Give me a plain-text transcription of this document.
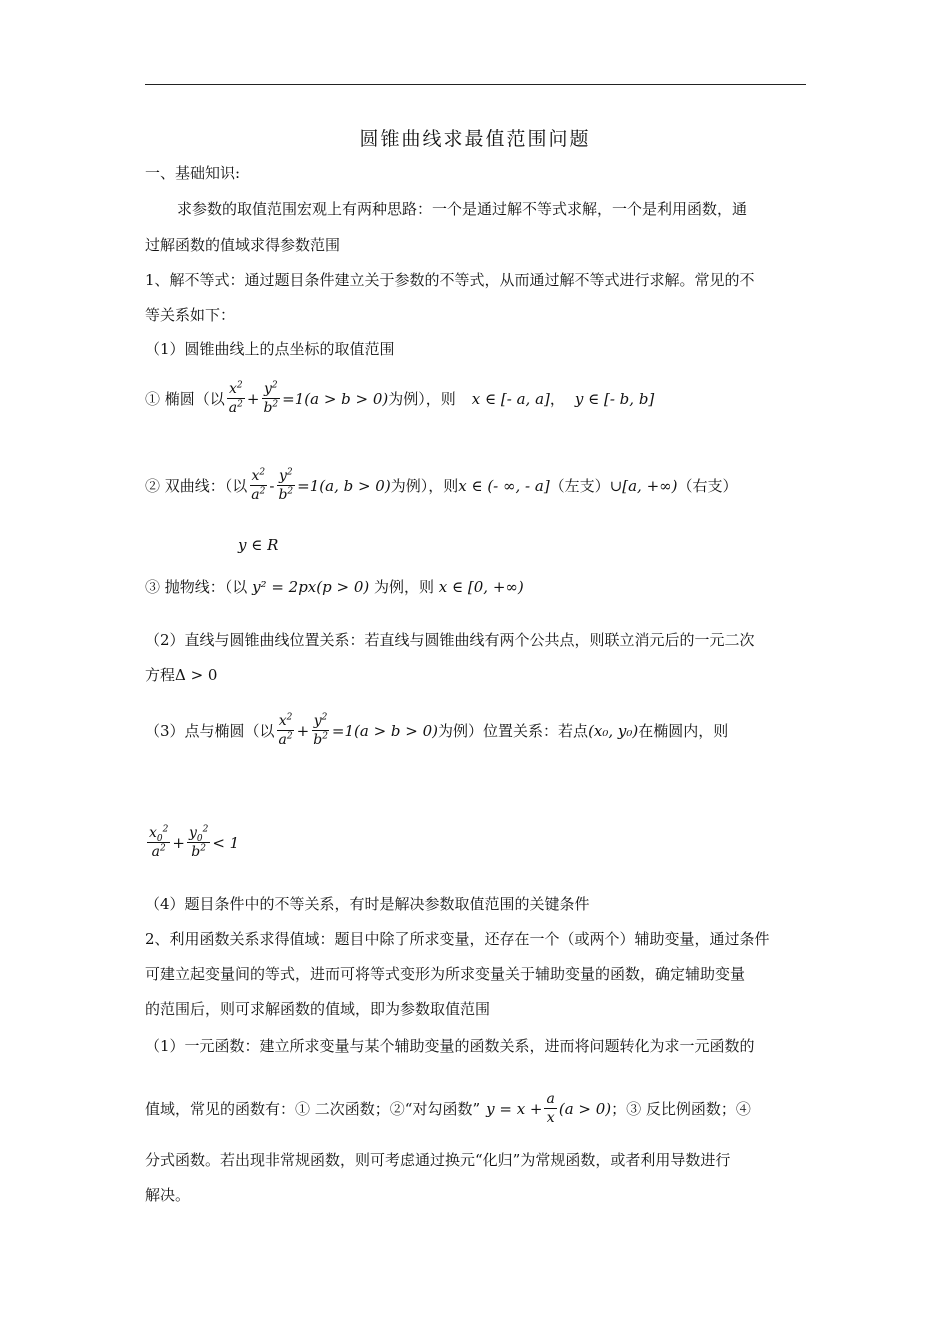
圆锥曲线求最值范围问题
一、基础知识:
求参数的取值范围宏观上有两种思路：一个是通过解不等式求解，一个是利用函数，通
过解函数的值域求得参数范围
1、解不等式：通过题目条件建立关于参数的不等式，从而通过解不等式进行求解。常见的不
等关系如下：
（1）圆锥曲线上的点坐标的取值范围
① 椭圆（以 $\frac{x^2}{a^2} + \frac{y^2}{b^2} =1(a > b > 0)$ 为例），则 x ∈ [- a, a] ， y ∈ [- b, b]
② 双曲线：（以 $\frac{x^2}{a^2} - \frac{y^2}{b^2} =1(a$, b > 0) 为例），则 x ∈ (- ∞, - a] （左支） ∪[a, +∞) （右支）
y ∈ R
③ 抛物线：（以 y² = 2px(p > 0) 为例，则 x ∈ [0, +∞)
（2）直线与圆锥曲线位置关系：若直线与圆锥曲线有两个公共点，则联立消元后的一元二次
方程Δ > 0
（3）点与椭圆（以 $\frac{x^2}{a^2} + \frac{y^2}{b^2} =1(a > b > 0)$ 为例）位置关系：若点 (x₀, y₀) 在椭圆内，则
$\frac{x_0^2}{a^2} + \frac{y_0^2}{b^2} < 1$
（4）题目条件中的不等关系，有时是解决参数取值范围的关键条件
2、利用函数关系求得值域：题目中除了所求变量，还存在一个（或两个）辅助变量，通过条件
可建立起变量间的等式，进而可将等式变形为所求变量关于辅助变量的函数，确定辅助变量
的范围后，则可求解函数的值域，即为参数取值范围
（1）一元函数：建立所求变量与某个辅助变量的函数关系，进而将问题转化为求一元函数的
值域，常见的函数有：① 二次函数；②“对勾函数” $y = x + \frac{a}{x} (a > 0)$ ；③ 反比例函数；④
分式函数。若出现非常规函数，则可考虑通过换元“化归”为常规函数，或者利用导数进行
解决。
